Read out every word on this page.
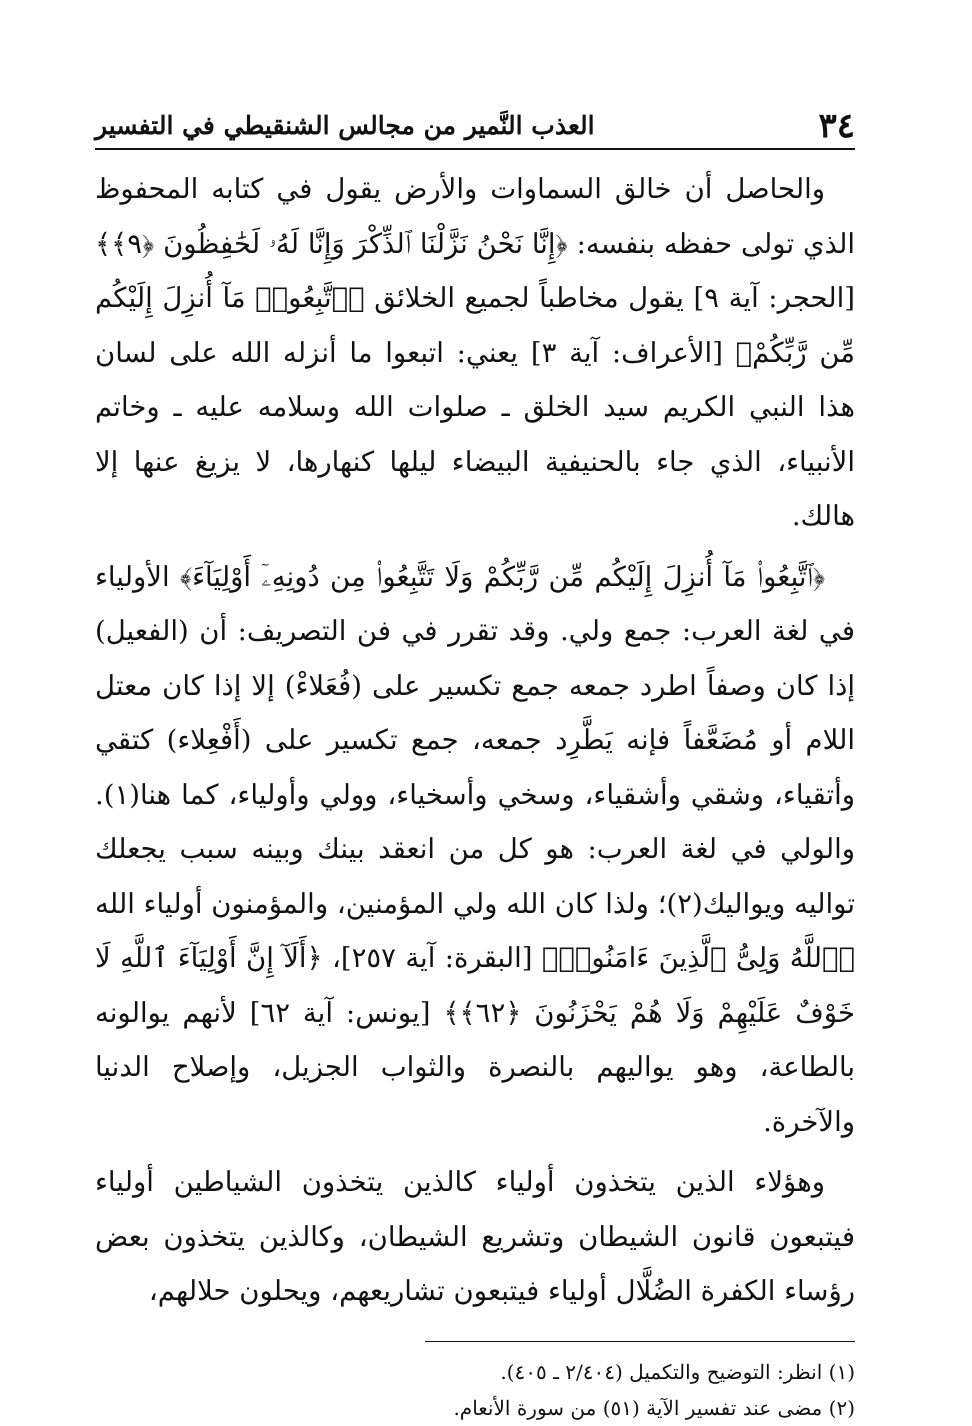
٣٤
العذب النَّمير من مجالس الشنقيطي في التفسير

والحاصل أن خالق السماوات والأرض يقول في كتابه المحفوظ الذي تولى حفظه بنفسه: ﴿إِنَّا نَحْنُ نَزَّلْنَا ٱلذِّكْرَ وَإِنَّا لَهُۥ لَحَٰفِظُونَ ﴿٩﴾﴾ [الحجر: آية ٩] يقول مخاطباً لجميع الخلائق ﴿ٱتَّبِعُوا۟ مَآ أُنزِلَ إِلَيْكُم مِّن رَّبِّكُمْ﴾ [الأعراف: آية ٣] يعني: اتبعوا ما أنزله الله على لسان هذا النبي الكريم سيد الخلق ـ صلوات الله وسلامه عليه ـ وخاتم الأنبياء، الذي جاء بالحنيفية البيضاء ليلها كنهارها، لا يزيغ عنها إلا هالك.

﴿ٱتَّبِعُوا۟ مَآ أُنزِلَ إِلَيْكُم مِّن رَّبِّكُمْ وَلَا تَتَّبِعُوا۟ مِن دُونِهِۦٓ أَوْلِيَآءَ﴾ الأولياء في لغة العرب: جمع ولي. وقد تقرر في فن التصريف: أن (الفعيل) إذا كان وصفاً اطرد جمعه جمع تكسير على (فُعَلاءْ) إلا إذا كان معتل اللام أو مُضَعَّفاً فإنه يَطَّرِد جمعه، جمع تكسير على (أَفْعِلاء) كتقي وأتقياء، وشقي وأشقياء، وسخي وأسخياء، وولي وأولياء، كما هنا(١). والولي في لغة العرب: هو كل من انعقد بينك وبينه سبب يجعلك تواليه ويواليك(٢)؛ ولذا كان الله ولي المؤمنين، والمؤمنون أولياء الله ﴿ٱللَّهُ وَلِىُّ ٱلَّذِينَ ءَامَنُوا۟﴾ [البقرة: آية ٢٥٧]، ﴿أَلَآ إِنَّ أَوْلِيَآءَ ٱللَّهِ لَا خَوْفٌ عَلَيْهِمْ وَلَا هُمْ يَحْزَنُونَ ﴿٦٢﴾﴾ [يونس: آية ٦٢] لأنهم يوالونه بالطاعة، وهو يواليهم بالنصرة والثواب الجزيل، وإصلاح الدنيا والآخرة.

وهؤلاء الذين يتخذون أولياء كالذين يتخذون الشياطين أولياء فيتبعون قانون الشيطان وتشريع الشيطان، وكالذين يتخذون بعض رؤساء الكفرة الضُلَّال أولياء فيتبعون تشاريعهم، ويحلون حلالهم،

(١) انظر: التوضيح والتكميل (٢/٤٠٤ ـ ٤٠٥).

(٢) مضى عند تفسير الآية (٥١) من سورة الأنعام.
